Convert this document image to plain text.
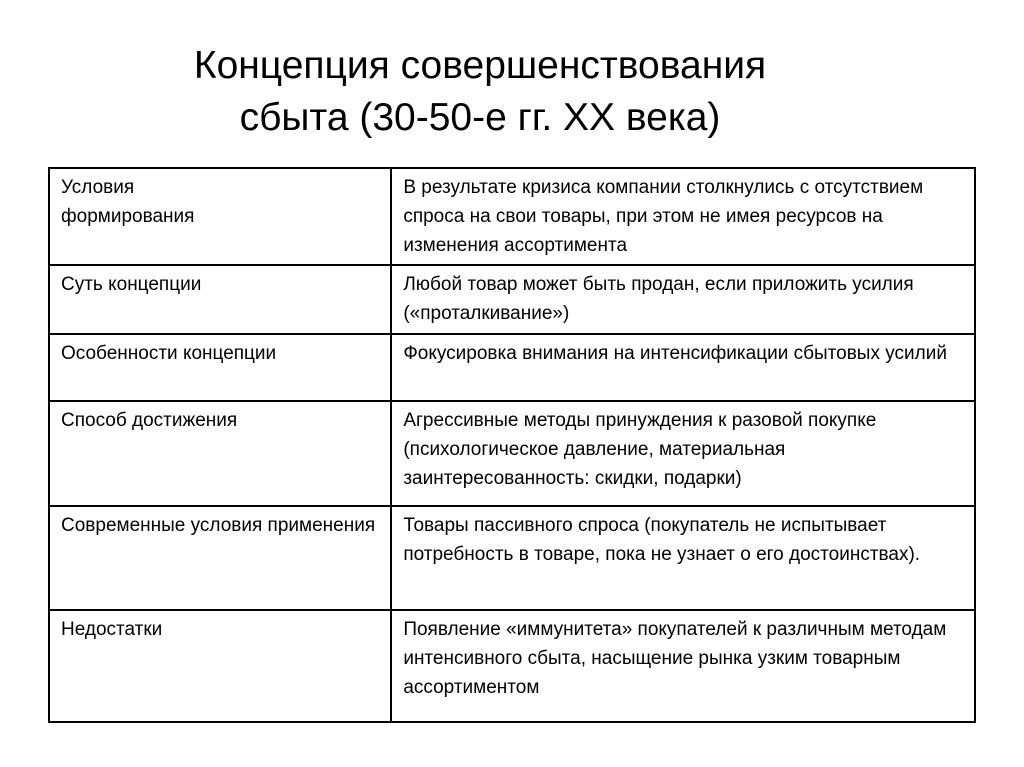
Концепция совершенствования
сбыта (30-50-е гг. XX века)
Условия
формирования	В результате кризиса компании столкнулись с отсутствием спроса на свои товары, при этом не имея ресурсов на изменения ассортимента
Суть концепции	Любой товар может быть продан, если приложить усилия («проталкивание»)
Особенности концепции	Фокусировка внимания на интенсификации сбытовых усилий
Способ достижения	Агрессивные методы принуждения к разовой покупке (психологическое давление, материальная заинтересованность: скидки, подарки)
Современные условия применения	Товары пассивного спроса (покупатель не испытывает потребность в товаре, пока не узнает о его достоинствах).
Недостатки	Появление «иммунитета» покупателей к различным методам интенсивного сбыта, насыщение рынка узким товарным ассортиментом
